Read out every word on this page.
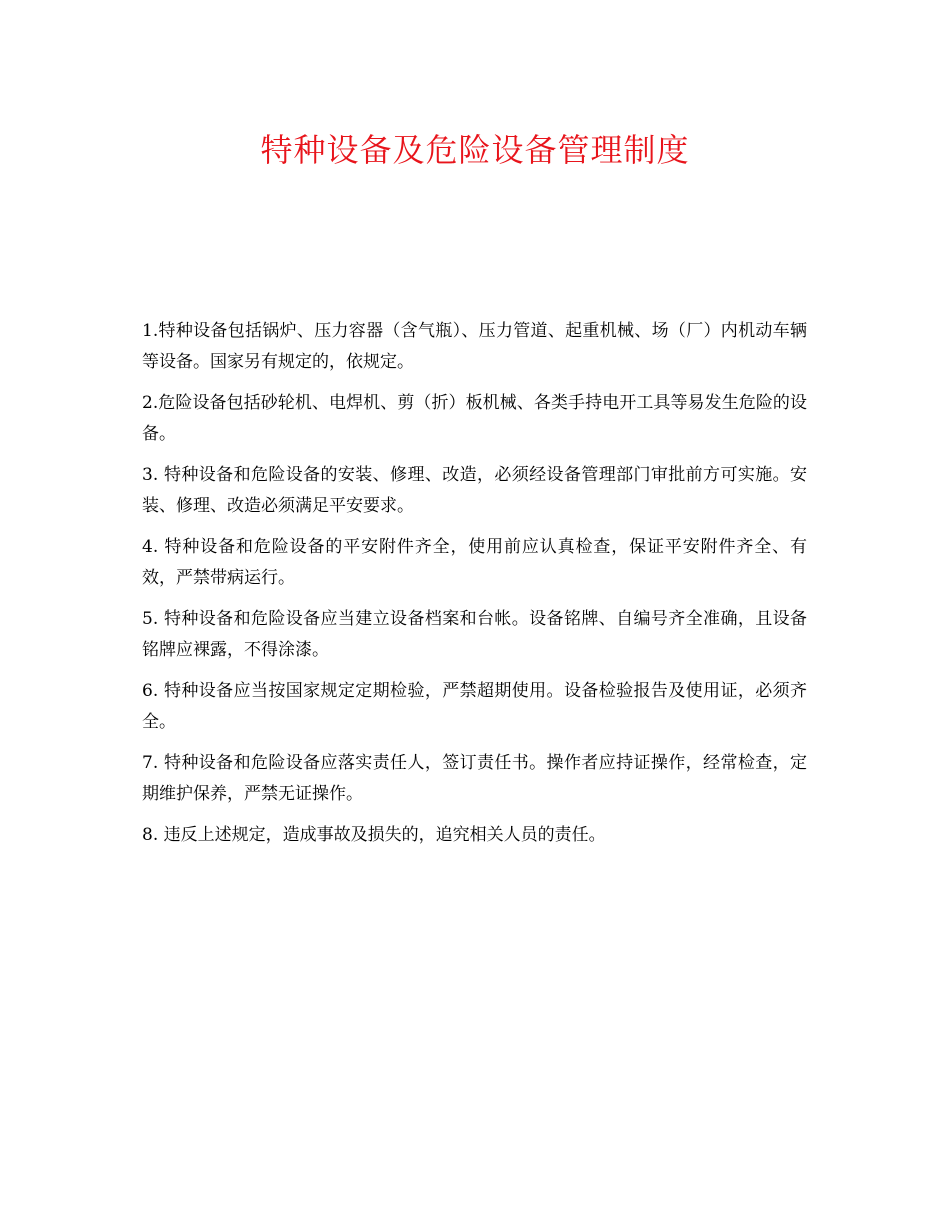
特种设备及危险设备管理制度

1.特种设备包括锅炉、压力容器（含气瓶）、压力管道、起重机械、场（厂）内机动车辆等设备。国家另有规定的，依规定。

2.危险设备包括砂轮机、电焊机、剪（折）板机械、各类手持电开工具等易发生危险的设备。

3. 特种设备和危险设备的安装、修理、改造，必须经设备管理部门审批前方可实施。安装、修理、改造必须满足平安要求。

4. 特种设备和危险设备的平安附件齐全，使用前应认真检查，保证平安附件齐全、有效，严禁带病运行。

5. 特种设备和危险设备应当建立设备档案和台帐。设备铭牌、自编号齐全准确，且设备铭牌应裸露，不得涂漆。

6. 特种设备应当按国家规定定期检验，严禁超期使用。设备检验报告及使用证，必须齐全。

7. 特种设备和危险设备应落实责任人，签订责任书。操作者应持证操作，经常检查，定期维护保养，严禁无证操作。

8. 违反上述规定，造成事故及损失的，追究相关人员的责任。
